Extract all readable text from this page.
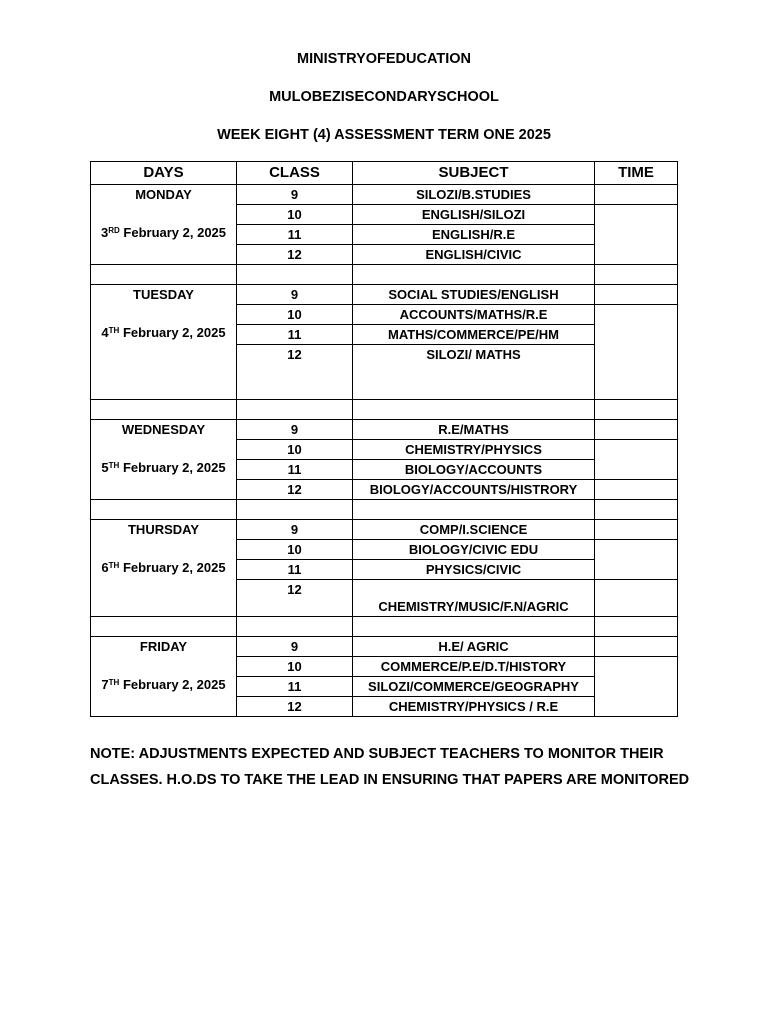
MINISTRYOFEDUCATION
MULOBEZISECONDARYSCHOOL
WEEK EIGHT (4) ASSESSMENT TERM ONE 2025
DAYS	CLASS	SUBJECT	TIME

MONDAY
3RD February 2, 2025	9	SILOZI/B.STUDIES	
	10	ENGLISH/SILOZI	
	11	ENGLISH/R.E	
	12	ENGLISH/CIVIC	

TUESDAY
4TH February 2, 2025	9	SOCIAL STUDIES/ENGLISH	
	10	ACCOUNTS/MATHS/R.E	
	11	MATHS/COMMERCE/PE/HM	
	12	SILOZI/ MATHS	

WEDNESDAY
5TH February 2, 2025	9	R.E/MATHS	
	10	CHEMISTRY/PHYSICS	
	11	BIOLOGY/ACCOUNTS	
	12	BIOLOGY/ACCOUNTS/HISTRORY	

THURSDAY
6TH February 2, 2025	9	COMP/I.SCIENCE	
	10	BIOLOGY/CIVIC EDU	
	11	PHYSICS/CIVIC	
	12	CHEMISTRY/MUSIC/F.N/AGRIC	

FRIDAY
7TH February 2, 2025	9	H.E/ AGRIC	
	10	COMMERCE/P.E/D.T/HISTORY	
	11	SILOZI/COMMERCE/GEOGRAPHY	
	12	CHEMISTRY/PHYSICS / R.E	
NOTE: ADJUSTMENTS EXPECTED AND SUBJECT TEACHERS TO MONITOR THEIR CLASSES. H.O.DS TO TAKE THE LEAD IN ENSURING THAT PAPERS ARE MONITORED
